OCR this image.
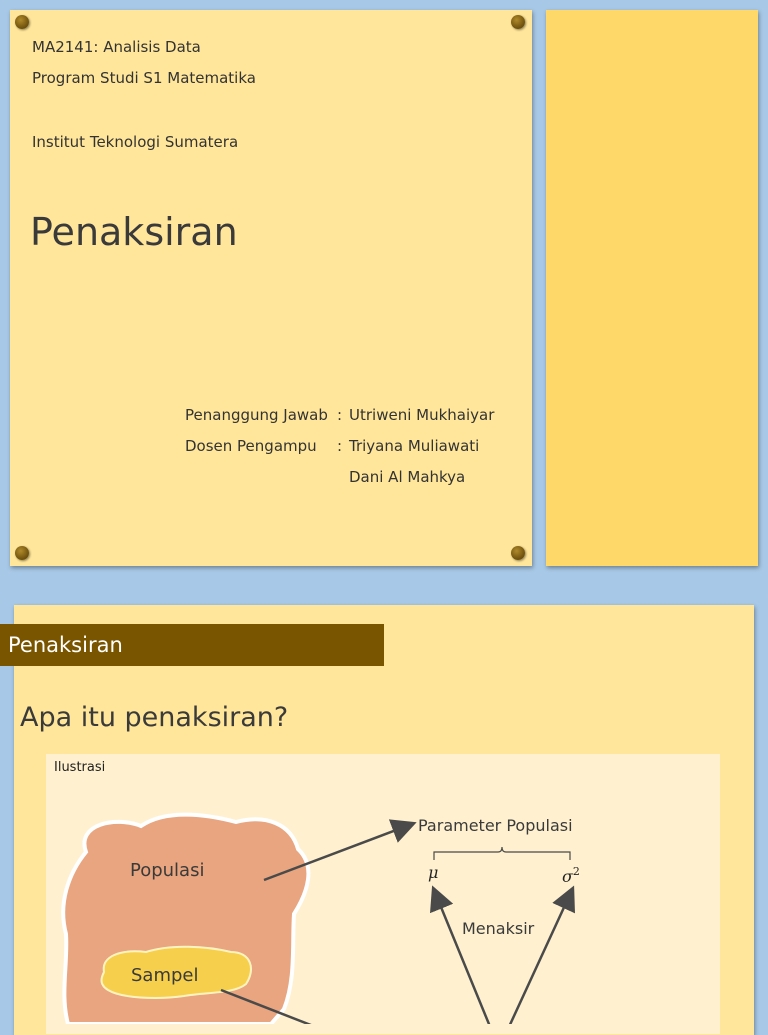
MA2141: Analisis Data
Program Studi S1 Matematika
Institut Teknologi Sumatera
Penaksiran
Penanggung Jawab : Utriweni Mukhaiyar
Dosen Pengampu	: Triyana Muliawati
Dani Al Mahkya
Penaksiran
Apa itu penaksiran?
Ilustrasi
Populasi
Sampel
Parameter Populasi
μ	$\sigma^2$
Menaksir
